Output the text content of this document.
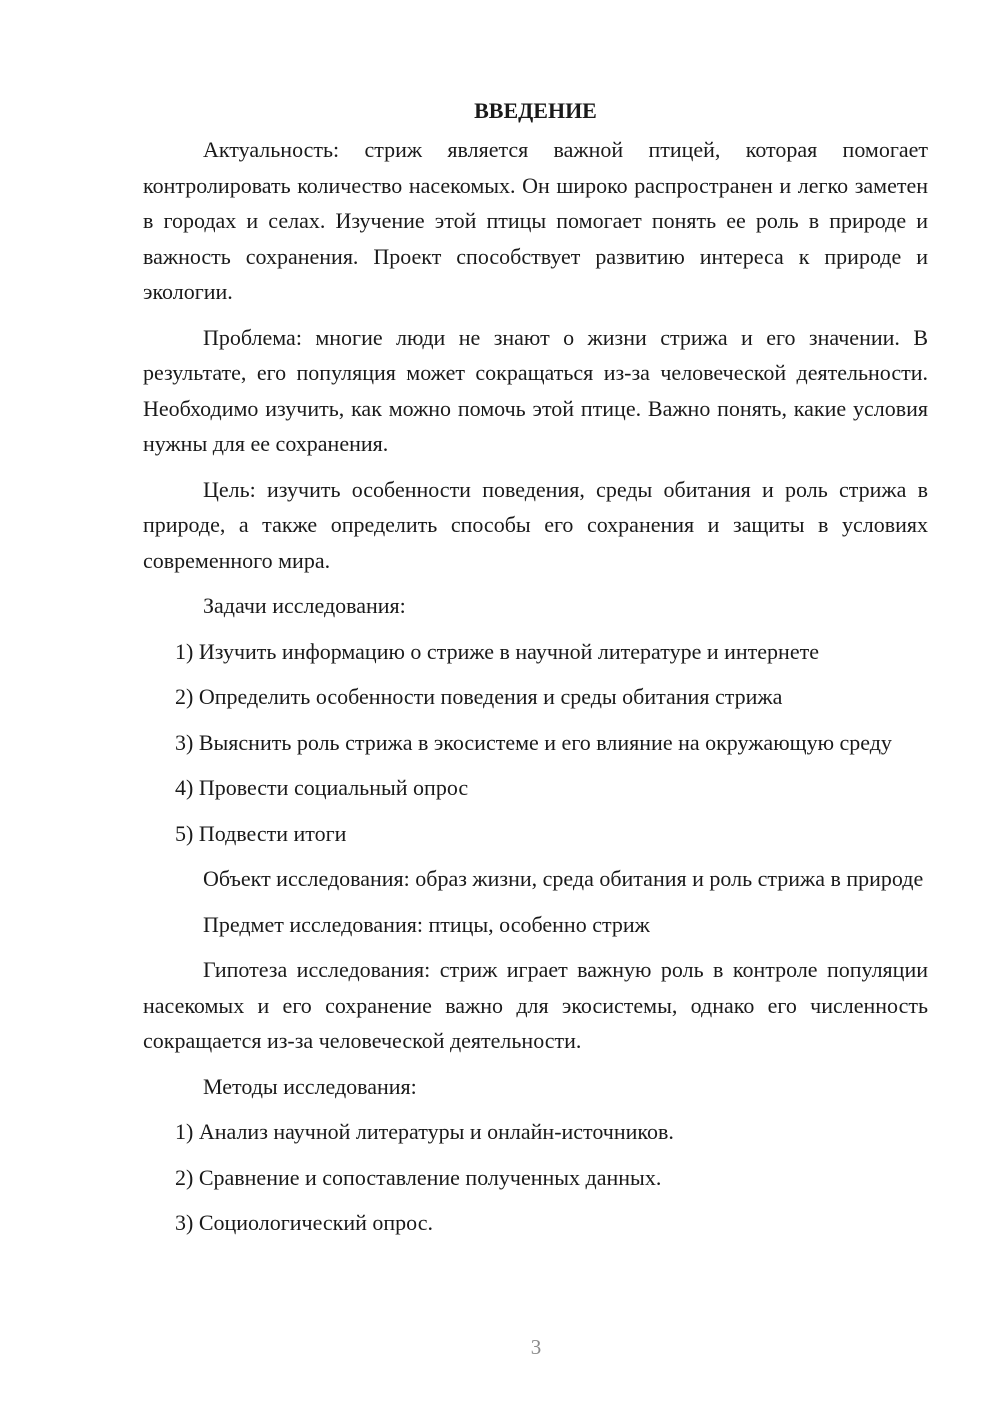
ВВЕДЕНИЕ

Актуальность: стриж является важной птицей, которая помогает контролировать количество насекомых. Он широко распространен и легко заметен в городах и селах. Изучение этой птицы помогает понять ее роль в природе и важность сохранения. Проект способствует развитию интереса к природе и экологии.

Проблема: многие люди не знают о жизни стрижа и его значении. В результате, его популяция может сокращаться из-за человеческой деятельности. Необходимо изучить, как можно помочь этой птице. Важно понять, какие условия нужны для ее сохранения.

Цель: изучить особенности поведения, среды обитания и роль стрижа в природе, а также определить способы его сохранения и защиты в условиях современного мира.

Задачи исследования:

1) Изучить информацию о стриже в научной литературе и интернете

2) Определить особенности поведения и среды обитания стрижа

3) Выяснить роль стрижа в экосистеме и его влияние на окружающую среду

4) Провести социальный опрос

5) Подвести итоги

Объект исследования: образ жизни, среда обитания и роль стрижа в природе

Предмет исследования: птицы, особенно стриж

Гипотеза исследования: стриж играет важную роль в контроле популяции насекомых и его сохранение важно для экосистемы, однако его численность сокращается из-за человеческой деятельности.

Методы исследования:

1) Анализ научной литературы и онлайн-источников.

2) Сравнение и сопоставление полученных данных.

3) Социологический опрос.

3
